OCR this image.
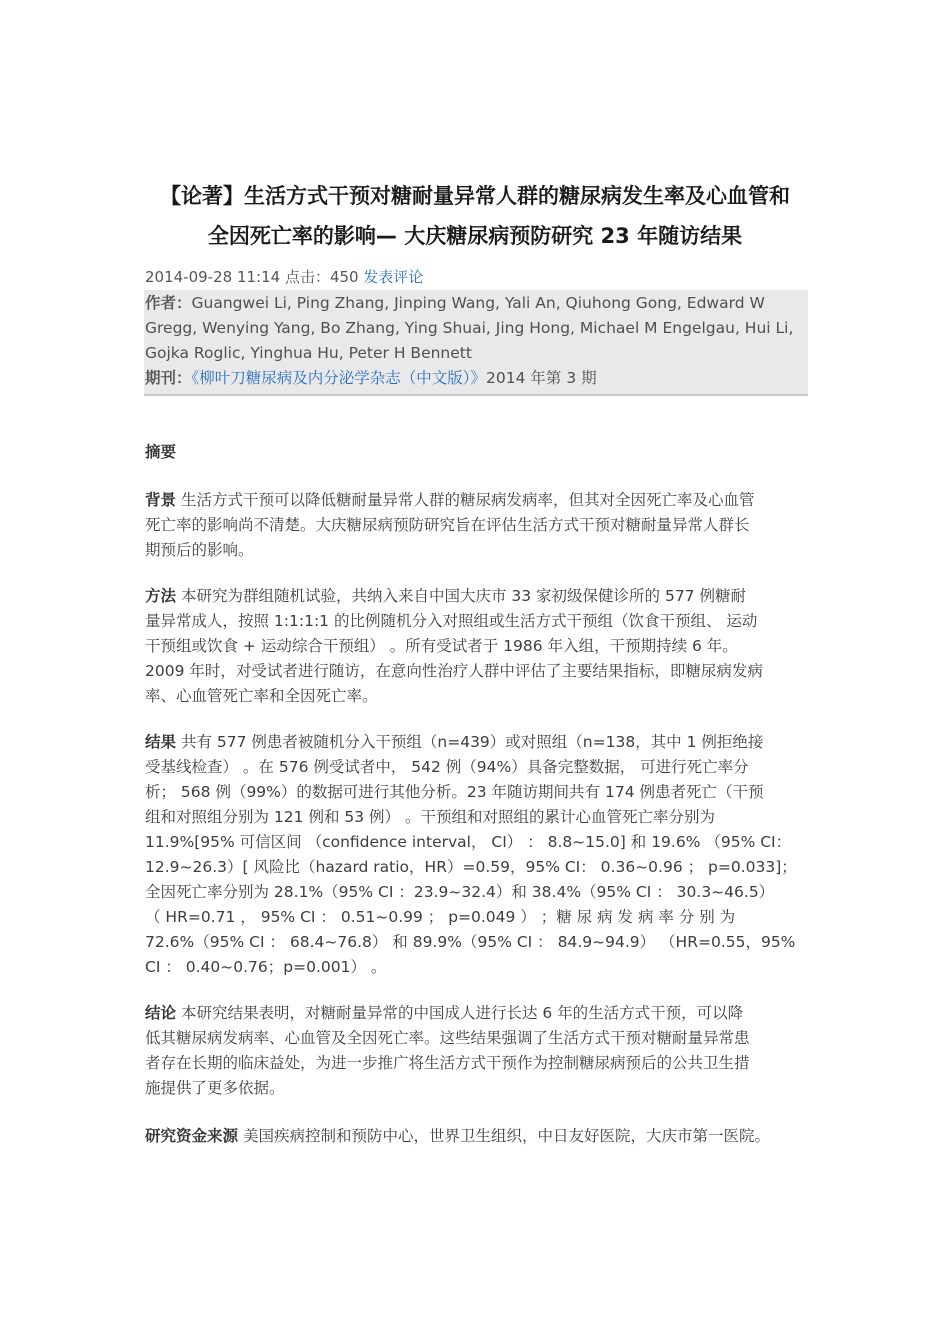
【论著】生活方式干预对糖耐量异常人群的糖尿病发生率及心血管和
全因死亡率的影响— 大庆糖尿病预防研究 23 年随访结果
2014-09-28 11:14 点击：450 发表评论
作者：Guangwei Li, Ping Zhang, Jinping Wang, Yali An, Qiuhong Gong, Edward W
Gregg, Wenying Yang, Bo Zhang, Ying Shuai, Jing Hong, Michael M Engelgau, Hui Li,
Gojka Roglic, Yinghua Hu, Peter H Bennett
期刊：《柳叶刀糖尿病及内分泌学杂志（中文版）》2014 年第 3 期
摘要
背景 生活方式干预可以降低糖耐量异常人群的糖尿病发病率，但其对全因死亡率及心血管
死亡率的影响尚不清楚。大庆糖尿病预防研究旨在评估生活方式干预对糖耐量异常人群长
期预后的影响。
方法 本研究为群组随机试验，共纳入来自中国大庆市 33 家初级保健诊所的 577 例糖耐
量异常成人，按照 1:1:1:1 的比例随机分入对照组或生活方式干预组（饮食干预组、 运动
干预组或饮食 + 运动综合干预组） 。所有受试者于 1986 年入组，干预期持续 6 年。
2009 年时，对受试者进行随访，在意向性治疗人群中评估了主要结果指标，即糖尿病发病
率、心血管死亡率和全因死亡率。
结果 共有 577 例患者被随机分入干预组（n=439）或对照组（n=138，其中 1 例拒绝接
受基线检查） 。在 576 例受试者中， 542 例（94%）具备完整数据， 可进行死亡率分
析； 568 例（99%）的数据可进行其他分析。23 年随访期间共有 174 例患者死亡（干预
组和对照组分别为 121 例和 53 例） 。干预组和对照组的累计心血管死亡率分别为
11.9%[95% 可信区间 （confidence interval， CI） ： 8.8~15.0] 和 19.6% （95% CI：
12.9~26.3）[ 风险比（hazard ratio，HR）=0.59，95% CI： 0.36~0.96 ； p=0.033]；
全因死亡率分别为 28.1%（95% CI ：23.9~32.4）和 38.4%（95% CI ： 30.3~46.5）
（ HR=0.71 ， 95% CI ： 0.51~0.99 ； p=0.049 ） ；糖 尿 病 发 病 率 分 别 为
72.6%（95% CI ： 68.4~76.8） 和 89.9%（95% CI ： 84.9~94.9） （HR=0.55，95%
CI ： 0.40~0.76；p=0.001） 。
结论 本研究结果表明，对糖耐量异常的中国成人进行长达 6 年的生活方式干预，可以降
低其糖尿病发病率、心血管及全因死亡率。这些结果强调了生活方式干预对糖耐量异常患
者存在长期的临床益处，为进一步推广将生活方式干预作为控制糖尿病预后的公共卫生措
施提供了更多依据。
研究资金来源 美国疾病控制和预防中心，世界卫生组织，中日友好医院，大庆市第一医院。
